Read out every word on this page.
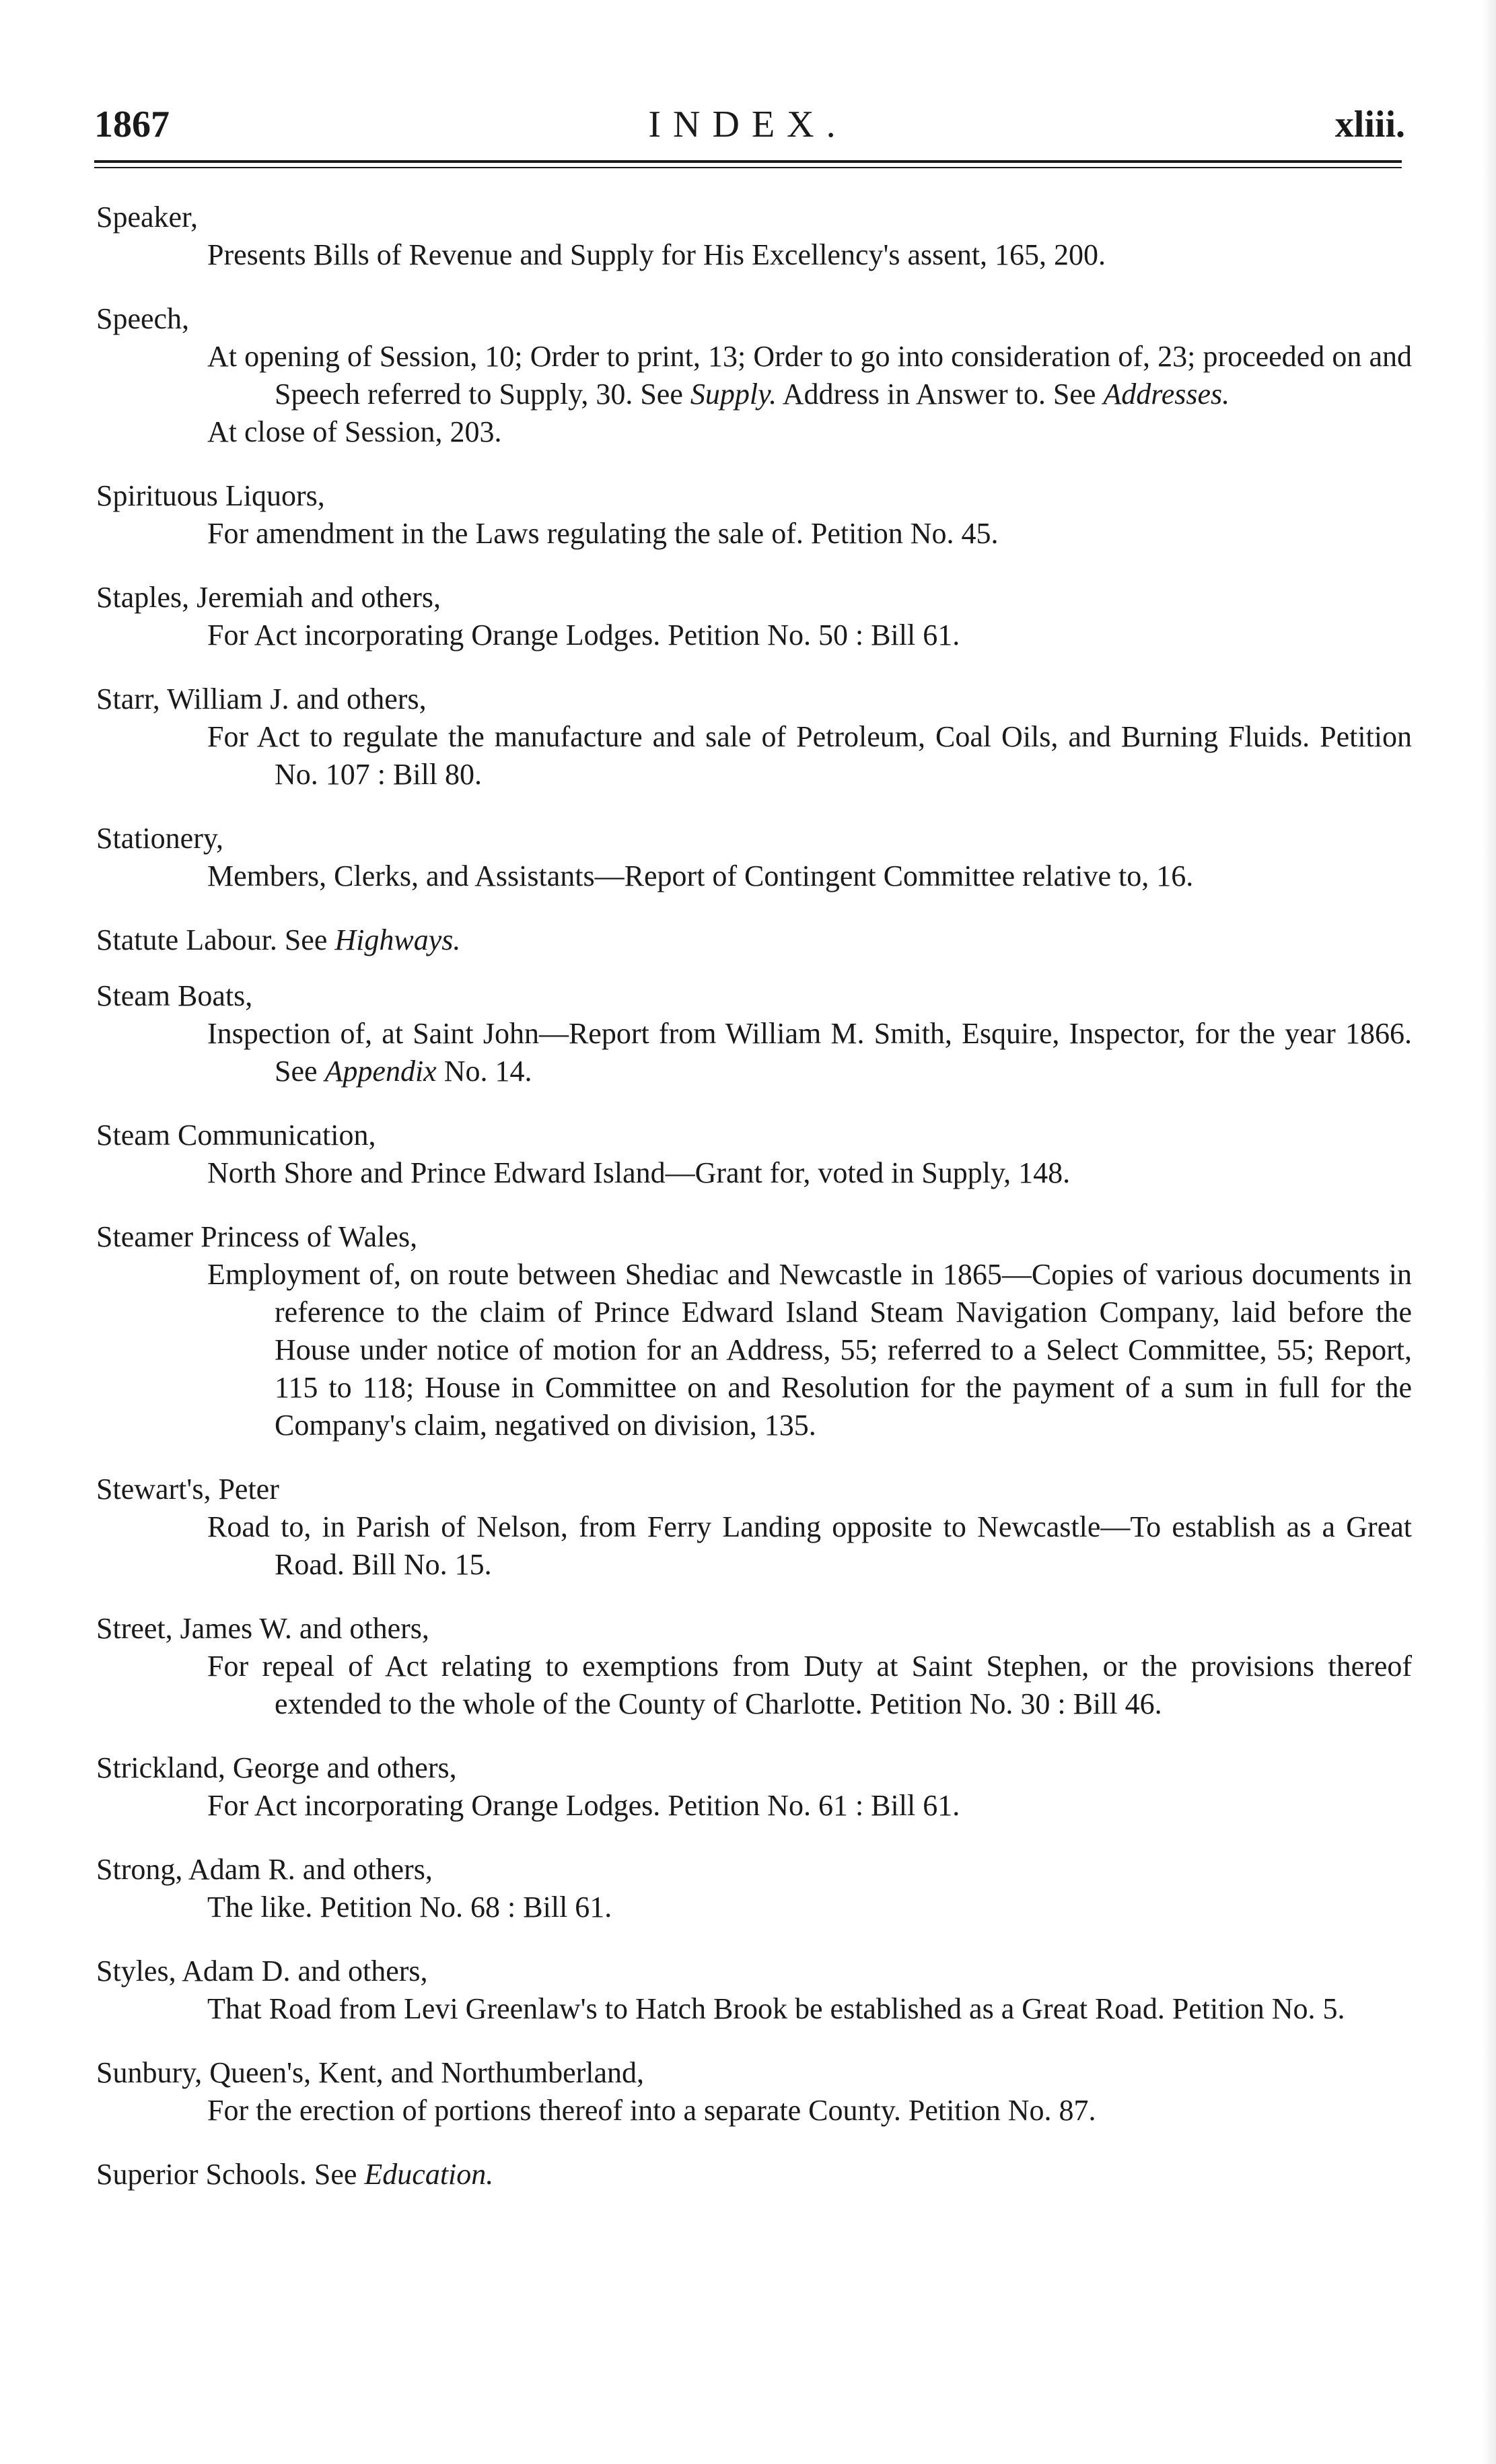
1867	INDEX.	xliii.
Speaker,
Presents Bills of Revenue and Supply for His Excellency's assent, 165, 200.
Speech,
At opening of Session, 10; Order to print, 13; Order to go into consideration of, 23; proceeded on and Speech referred to Supply, 30. See Supply. Address in Answer to. See Addresses.
At close of Session, 203.
Spirituous Liquors,
For amendment in the Laws regulating the sale of. Petition No. 45.
Staples, Jeremiah and others,
For Act incorporating Orange Lodges. Petition No. 50 : Bill 61.
Starr, William J. and others,
For Act to regulate the manufacture and sale of Petroleum, Coal Oils, and Burning Fluids. Petition No. 107 : Bill 80.
Stationery,
Members, Clerks, and Assistants—Report of Contingent Committee relative to, 16.
Statute Labour. See Highways.
Steam Boats,
Inspection of, at Saint John—Report from William M. Smith, Esquire, Inspector, for the year 1866. See Appendix No. 14.
Steam Communication,
North Shore and Prince Edward Island—Grant for, voted in Supply, 148.
Steamer Princess of Wales,
Employment of, on route between Shediac and Newcastle in 1865—Copies of various documents in reference to the claim of Prince Edward Island Steam Navigation Company, laid before the House under notice of motion for an Address, 55; referred to a Select Committee, 55; Report, 115 to 118; House in Committee on and Resolution for the payment of a sum in full for the Company's claim, negatived on division, 135.
Stewart's, Peter
Road to, in Parish of Nelson, from Ferry Landing opposite to Newcastle—To establish as a Great Road. Bill No. 15.
Street, James W. and others,
For repeal of Act relating to exemptions from Duty at Saint Stephen, or the provisions thereof extended to the whole of the County of Charlotte. Petition No. 30 : Bill 46.
Strickland, George and others,
For Act incorporating Orange Lodges. Petition No. 61 : Bill 61.
Strong, Adam R. and others,
The like. Petition No. 68 : Bill 61.
Styles, Adam D. and others,
That Road from Levi Greenlaw's to Hatch Brook be established as a Great Road. Petition No. 5.
Sunbury, Queen's, Kent, and Northumberland,
For the erection of portions thereof into a separate County. Petition No. 87.
Superior Schools. See Education.
